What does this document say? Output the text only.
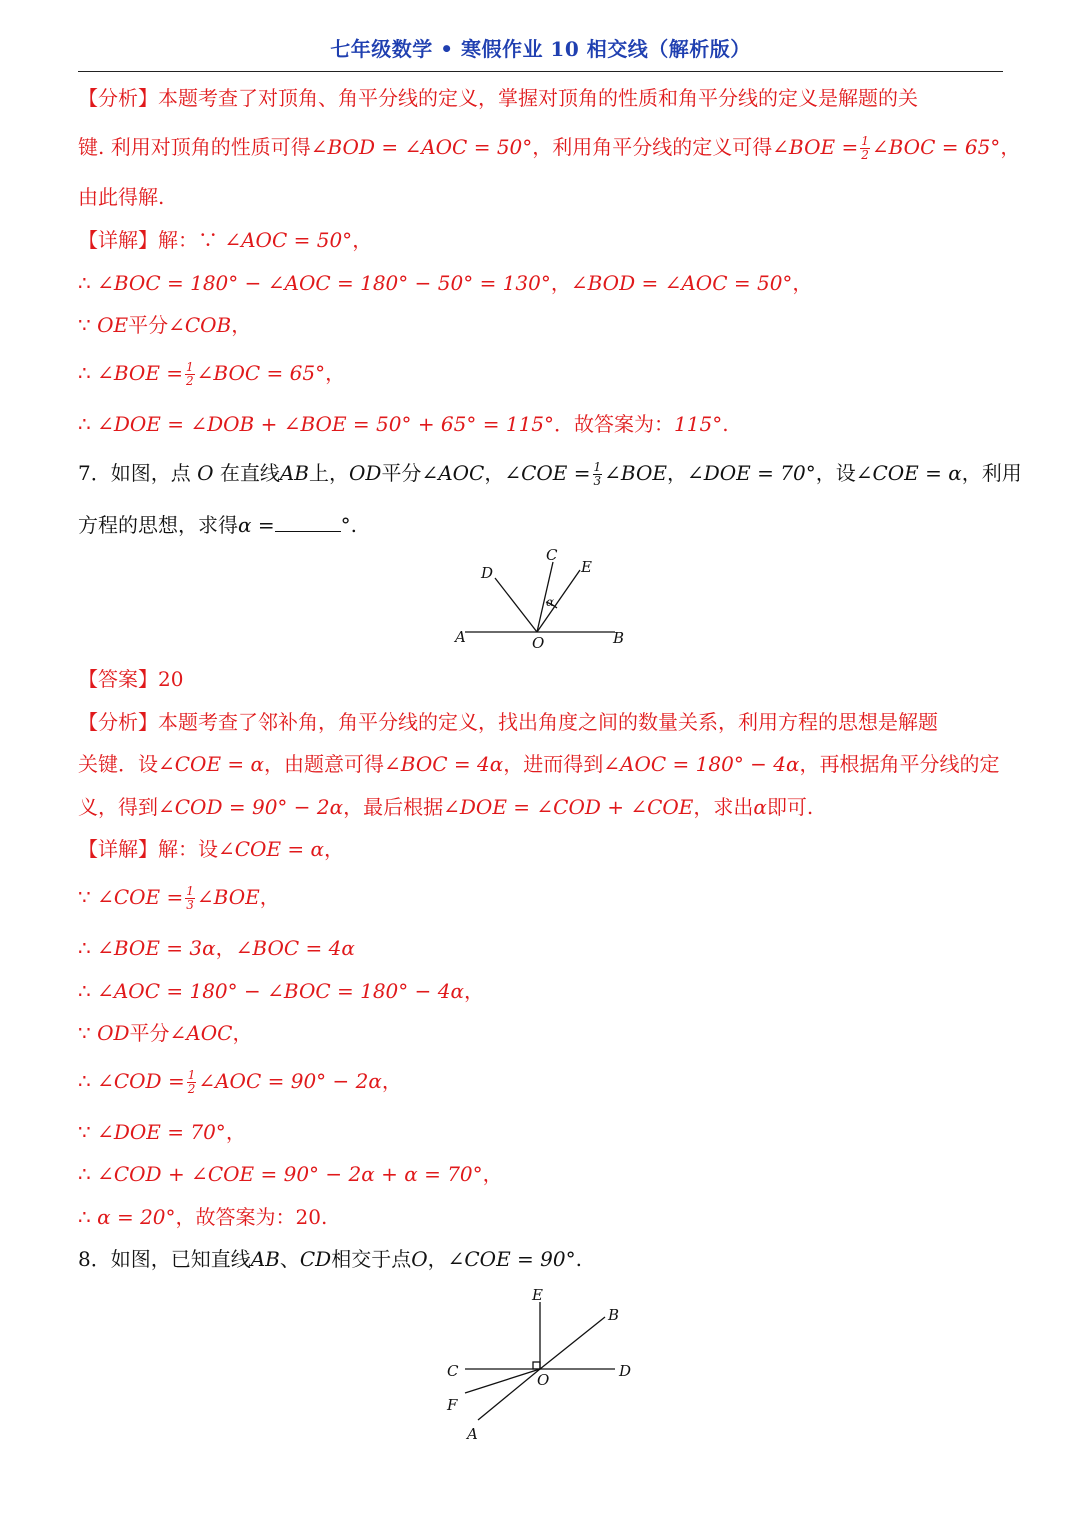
七年级数学 • 寒假作业 10 相交线（解析版）
【分析】本题考查了对顶角、角平分线的定义，掌握对顶角的性质和角平分线的定义是解题的关
键. 利用对顶角的性质可得∠BOD = ∠AOC = 50°，利用角平分线的定义可得∠BOE = $\frac{1}{2}$ ∠BOC = 65°，
由此得解.
【详解】解：∵ ∠AOC = 50°，
∴ ∠BOC = 180° − ∠AOC = 180° − 50° = 130°，∠BOD = ∠AOC = 50°，
∵ OE平分∠COB，
∴ ∠BOE = $\frac{1}{2}$ ∠BOC = 65°，
∴ ∠DOE = ∠DOB + ∠BOE = 50° + 65° = 115°．故答案为：115°.
7．如图，点 O 在直线AB上，OD平分∠AOC，∠COE = $\frac{1}{3}$ ∠BOE，∠DOE = 70°，设∠COE = α，利用
方程的思想，求得α =	°.
C
D	E
α
A	O	B
【答案】20
【分析】本题考查了邻补角，角平分线的定义，找出角度之间的数量关系，利用方程的思想是解题
关键．设∠COE = α，由题意可得∠BOC = 4α，进而得到∠AOC = 180° − 4α，再根据角平分线的定
义，得到∠COD = 90° − 2α，最后根据∠DOE = ∠COD + ∠COE，求出α即可.
【详解】解：设∠COE = α，
∵ ∠COE = $\frac{1}{3}$ ∠BOE，
∴ ∠BOE = 3α，∠BOC = 4α
∴ ∠AOC = 180° − ∠BOC = 180° − 4α，
∵ OD平分∠AOC，
∴ ∠COD = $\frac{1}{2}$ ∠AOC = 90° − 2α，
∵ ∠DOE = 70°，
∴ ∠COD + ∠COE = 90° − 2α + α = 70°，
∴ α = 20°，故答案为：20.
8．如图，已知直线AB、CD相交于点O，∠COE = 90°.
E
B
C	D
O
F
A
